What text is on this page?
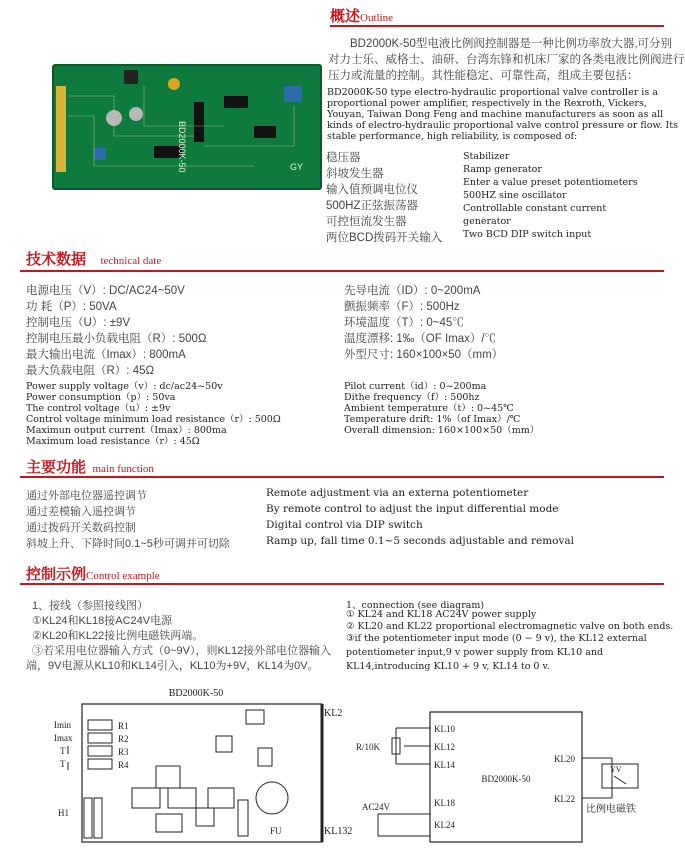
概述Outline
BD2000K-50	GY
BD2000K-50型电液比例阀控制器是一种比例功率放大器,可分别
对力士乐、威格士、油研、台湾东锋和机床厂家的各类电液比例阀进行
压力或流量的控制。其性能稳定、可靠性高，组成主要包括：
BD2000K-50 type electro-hydraulic proportional valve controller is a
proportional power amplifier, respectively in the Rexroth, Vickers,
Youyan, Taiwan Dong Feng and machine manufacturers as soon as all
kinds of electro-hydraulic proportional valve control pressure or flow. Its
stable performance, high reliability, is composed of:
稳压器
斜坡发生器
输入值预调电位仪
500HZ正弦振荡器
可控恒流发生器
两位BCD拨码开关输入
Stabilizer
Ramp generator
Enter a value preset potentiometers
500HZ sine oscillator
Controllable constant current
generator
Two BCD DIP switch input
技术数据 technical date
电源电压（V）: DC/AC24~50V
功 耗（P）: 50VA
控制电压（U）: ±9V
控制电压最小负载电阻（R）: 500Ω
最大输出电流（Imax）: 800mA
最大负载电阻（R）: 45Ω
先导电流（ID）: 0~200mA
颤振频率（F）: 500Hz
环境温度（T）: 0~45℃
温度漂移: 1‰（OF Imax）/℃
外型尺寸: 160×100×50（mm）
Power supply voltage（v）: dc/ac24~50v
Power consumption（p）: 50va
The control voltage（u）: ±9v
Control voltage minimum load resistance（r）: 500Ω
Maximun output current（Imax）: 800ma
Maximum load resistance（r）: 45Ω
Pilot current（id）: 0~200ma
Dithe frequency（f）: 500hz
Ambient temperature（t）: 0~45℃
Temperature drift: 1%（of Imax）/℃
Overall dimension: 160×100×50（mm）
主要功能 main function
通过外部电位器遥控调节
通过差模输入遥控调节
通过拨码开关数码控制
斜坡上升、下降时间0.1~5秒可调并可切除
Remote adjustment via an externa potentiometer
By remote control to adjust the input differential mode
Digital control via DIP switch
Ramp up, fall time 0.1~5 seconds adjustable and removal
控制示例Control example
1、接线（参照接线图）
①KL24和KL18接AC24V电源
②KL20和KL22接比例电磁铁两端。
③若采用电位器输入方式（0~9V），则KL12接外部电位器输入
端，9V电源从KL10和KL14引入，KL10为+9V，KL14为0V。
1、connection (see diagram)
① KL24 and KL18 AC24V power supply
② KL20 and KL22 proportional electromagnetic valve on both ends.
③if the potentiometer input mode (0 − 9 v), the KL12 external
potentiometer input,9 v power supply from KL10 and
KL14,introducing KL10 + 9 v, KL14 to 0 v.
BD2000K-50
KL2
KL132
Imin
Imax
T
T
R1
R2
R3
R4
H1
FU
BD2000K-50
KL10
KL12
KL14
KL18
KL24
KL20
KL22
R/10K
AC24V
YV
比例电磁铁
